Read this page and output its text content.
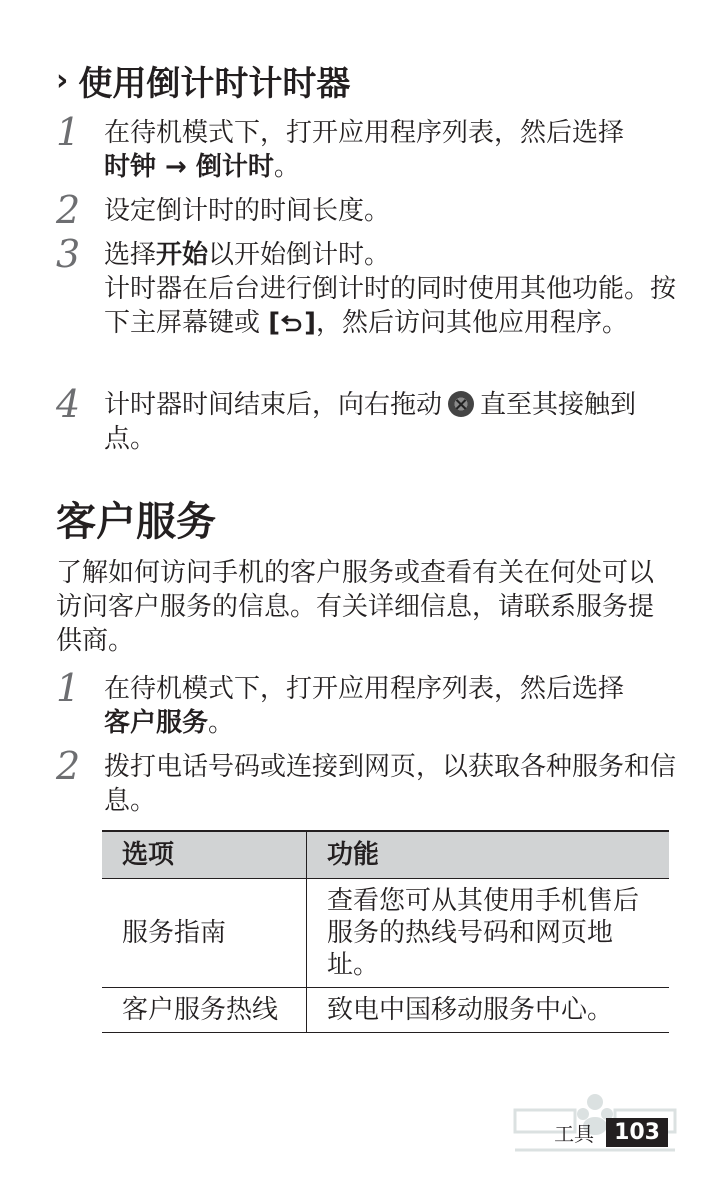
› 使用倒计时计时器
1 在待机模式下，打开应用程序列表，然后选择
时钟 → 倒计时。

2 设定倒计时的时间长度。

3 选择开始以开始倒计时。

计时器在后台进行倒计时的同时使用其他功能。按下主屏幕键或 [ ]，然后访问其他应用程序。

4 计时器时间结束后，向右拖动 × 直至其接触到点。

客户服务

了解如何访问手机的客户服务或查看有关在何处可以访问客户服务的信息。有关详细信息，请联系服务提供商。

1 在待机模式下，打开应用程序列表，然后选择
客户服务。

2 拨打电话号码或连接到网页，以获取各种服务和信息。

选项	功能
服务指南	查看您可从其使用手机售后服务的热线号码和网页地址。
客户服务热线	致电中国移动服务中心。
工具 103
